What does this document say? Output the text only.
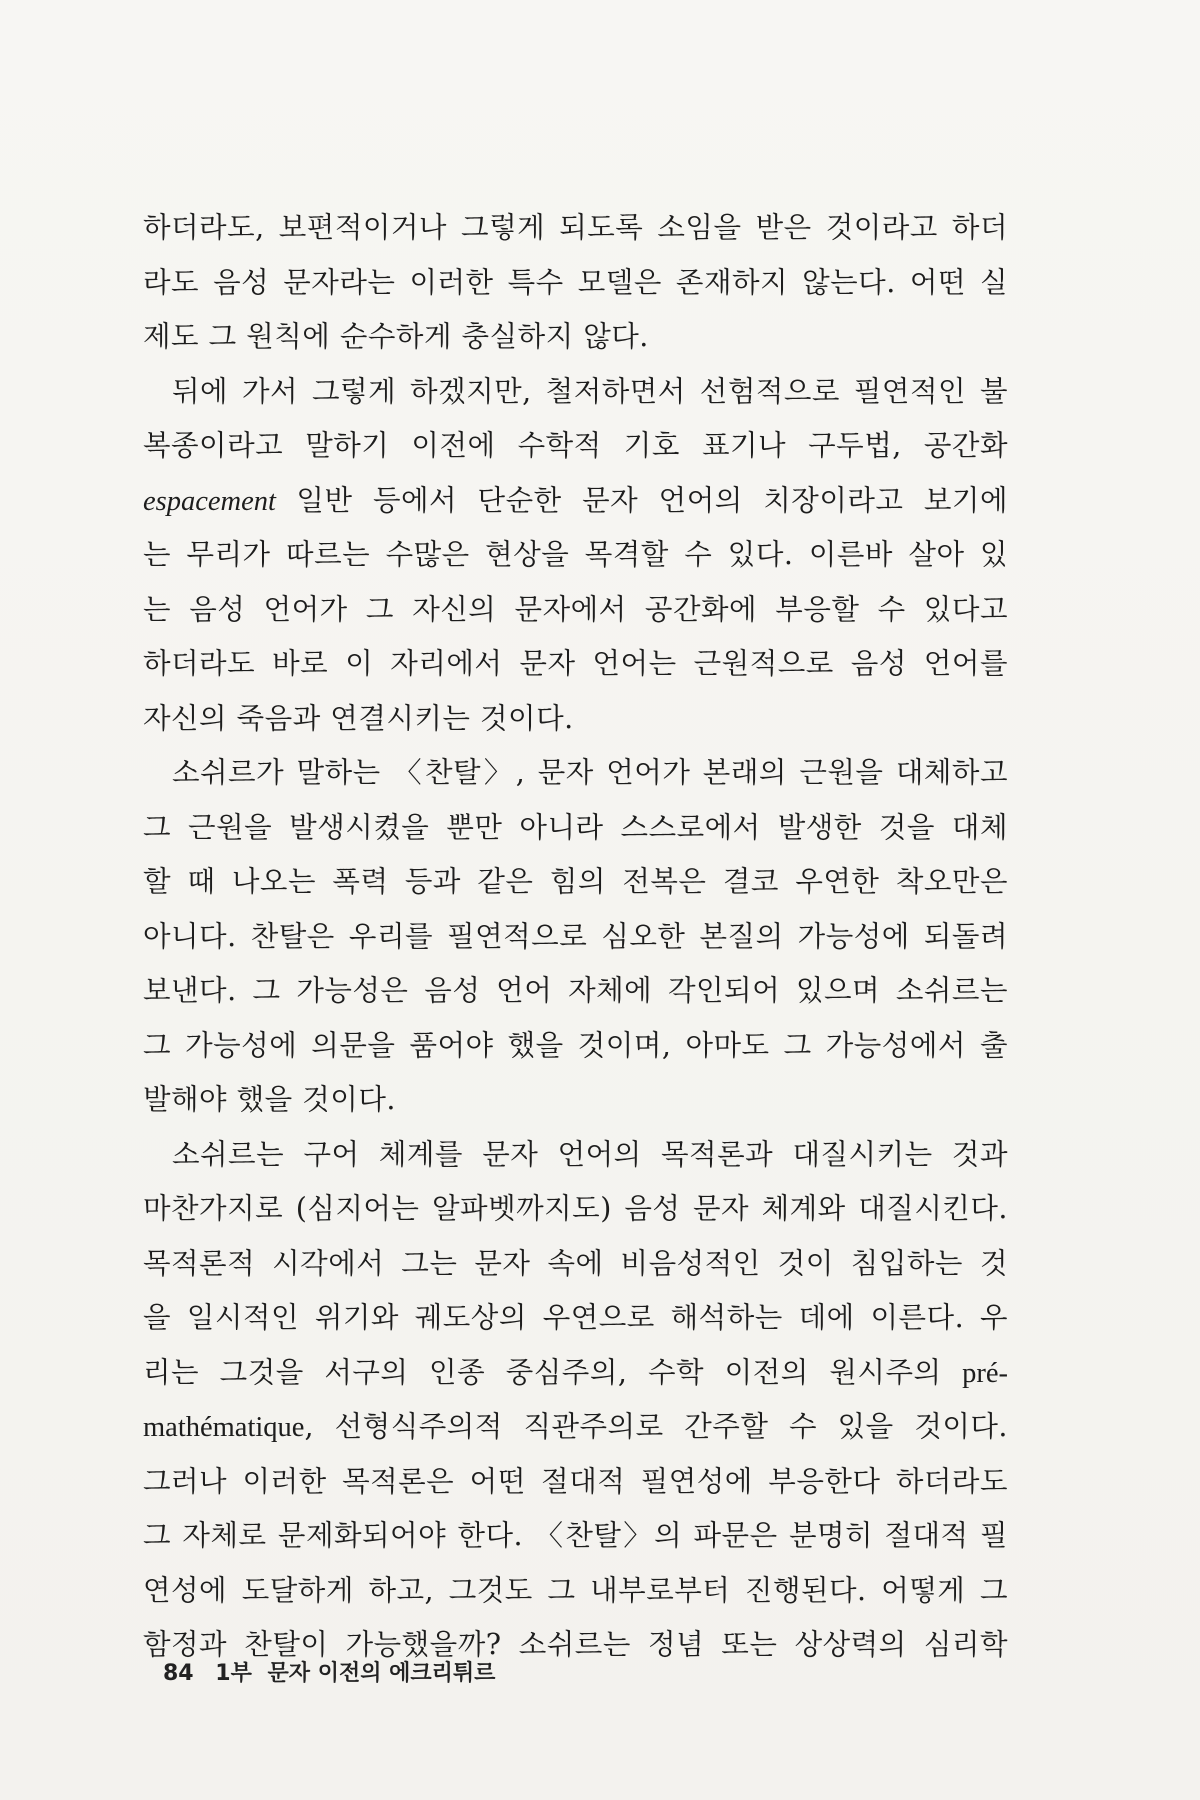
하더라도, 보편적이거나 그렇게 되도록 소임을 받은 것이라고 하더
라도 음성 문자라는 이러한 특수 모델은 존재하지 않는다. 어떤 실
제도 그 원칙에 순수하게 충실하지 않다.
뒤에 가서 그렇게 하겠지만, 철저하면서 선험적으로 필연적인 불
복종이라고 말하기 이전에 수학적 기호 표기나 구두법, 공간화
espacement 일반 등에서 단순한 문자 언어의 치장이라고 보기에
는 무리가 따르는 수많은 현상을 목격할 수 있다. 이른바 살아 있
는 음성 언어가 그 자신의 문자에서 공간화에 부응할 수 있다고
하더라도 바로 이 자리에서 문자 언어는 근원적으로 음성 언어를
자신의 죽음과 연결시키는 것이다.
소쉬르가 말하는 〈찬탈〉, 문자 언어가 본래의 근원을 대체하고
그 근원을 발생시켰을 뿐만 아니라 스스로에서 발생한 것을 대체
할 때 나오는 폭력 등과 같은 힘의 전복은 결코 우연한 착오만은
아니다. 찬탈은 우리를 필연적으로 심오한 본질의 가능성에 되돌려
보낸다. 그 가능성은 음성 언어 자체에 각인되어 있으며 소쉬르는
그 가능성에 의문을 품어야 했을 것이며, 아마도 그 가능성에서 출
발해야 했을 것이다.
소쉬르는 구어 체계를 문자 언어의 목적론과 대질시키는 것과
마찬가지로 (심지어는 알파벳까지도) 음성 문자 체계와 대질시킨다.
목적론적 시각에서 그는 문자 속에 비음성적인 것이 침입하는 것
을 일시적인 위기와 궤도상의 우연으로 해석하는 데에 이른다. 우
리는 그것을 서구의 인종 중심주의, 수학 이전의 원시주의 pré-
mathématique, 선형식주의적 직관주의로 간주할 수 있을 것이다.
그러나 이러한 목적론은 어떤 절대적 필연성에 부응한다 하더라도
그 자체로 문제화되어야 한다. 〈찬탈〉의 파문은 분명히 절대적 필
연성에 도달하게 하고, 그것도 그 내부로부터 진행된다. 어떻게 그
함정과 찬탈이 가능했을까? 소쉬르는 정념 또는 상상력의 심리학
84 1부 문자 이전의 에크리튀르
